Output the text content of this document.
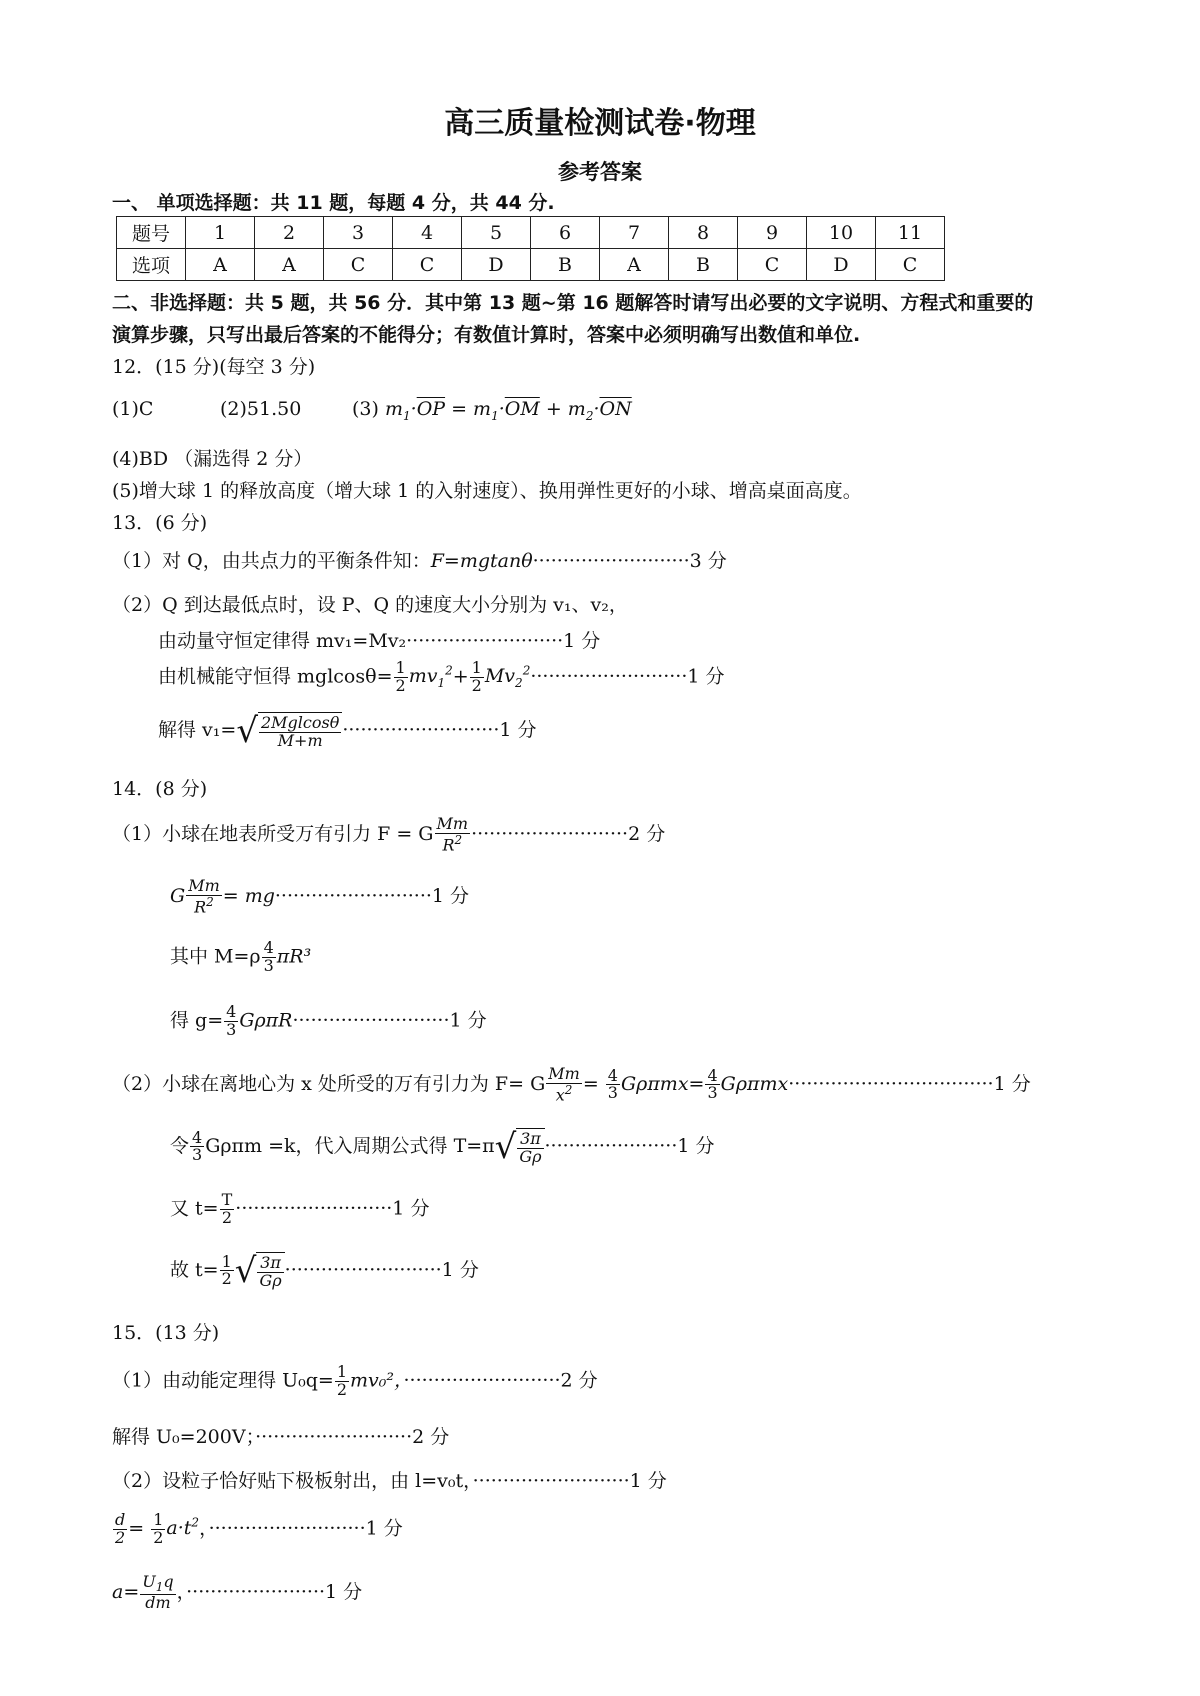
高三质量检测试卷·物理
参考答案
一、 单项选择题：共 11 题，每题 4 分，共 44 分.
题号	1	2	3	4	5	6	7	8	9	10	11
选项	A	A	C	C	D	B	A	B	C	D	C
二、非选择题：共 5 题，共 56 分．其中第 13 题~第 16 题解答时请写出必要的文字说明、方程式和重要的
演算步骤，只写出最后答案的不能得分；有数值计算时，答案中必须明确写出数值和单位.
12．(15 分)(每空 3 分)
(1)C	(2)51.50	(3) $m_1\cdot\overline{OP} = m_1\cdot\overline{OM} + m_2\cdot\overline{ON}$
(4)BD （漏选得 2 分）
(5)增大球 1 的释放高度（增大球 1 的入射速度）、换用弹性更好的小球、增高桌面高度。
13．(6 分)
（1）对 Q，由共点力的平衡条件知：F=mgtanθ··························3 分
（2）Q 到达最低点时，设 P、Q 的速度大小分别为 v₁、v₂，
由动量守恒定律得 mv₁=Mv₂··························1 分
由机械能守恒得 $mglcos\theta= \frac{1}{2} mv_1^2+ \frac{1}{2} Mv_2^2\cdot\cdot\cdot\cdot\cdot\cdot\cdot\cdot\cdot\cdot\cdot\cdot\cdot\cdot\cdot\cdot\cdot\cdot\cdot\cdot\cdot\cdot\cdot\cdot\cdot\cdot 1$ 分
解得 $v_1=√ \frac{\text{2Mglcosθ}}{M+m} \cdot\cdot\cdot\cdot\cdot\cdot\cdot\cdot\cdot\cdot\cdot\cdot\cdot\cdot\cdot\cdot\cdot\cdot\cdot\cdot\cdot\cdot\cdot\cdot\cdot\cdot 1$ 分
14．(8 分)
（1）小球在地表所受万有引力 F = G $\frac{Mm}{R^2} \cdot\cdot\cdot\cdot\cdot\cdot\cdot\cdot\cdot\cdot\cdot\cdot\cdot\cdot\cdot\cdot\cdot\cdot\cdot\cdot\cdot\cdot\cdot\cdot\cdot\cdot 2$ 分
G $\frac{Mm}{R^2} = mg\cdot\cdot\cdot\cdot\cdot\cdot\cdot\cdot\cdot\cdot\cdot\cdot\cdot\cdot\cdot\cdot\cdot\cdot\cdot\cdot\cdot\cdot\cdot\cdot\cdot\cdot 1$ 分
其中 $M=\rho \frac{4}{3} \pi R^3$
得 $g= \frac{4}{3} G\rho\pi R\cdot\cdot\cdot\cdot\cdot\cdot\cdot\cdot\cdot\cdot\cdot\cdot\cdot\cdot\cdot\cdot\cdot\cdot\cdot\cdot\cdot\cdot\cdot\cdot\cdot\cdot 1$ 分
（2）小球在离地心为 x 处所受的万有引力为 F= G $\frac{Mm}{x^2} = \frac{4}{3} G\rho\pi mx= \frac{4}{3} G\rho\pi mx\cdot\cdot\cdot\cdot\cdot\cdot\cdot\cdot\cdot\cdot\cdot\cdot\cdot\cdot\cdot\cdot\cdot\cdot\cdot\cdot\cdot\cdot\cdot\cdot\cdot\cdot\cdot\cdot\cdot\cdot\cdot\cdot\cdot\cdot 1$ 分
令 $\frac{4}{3}$ Gρπm =k，代入周期公式得 $T=\pi√ \frac{3\pi}{G\rho} \cdot\cdot\cdot\cdot\cdot\cdot\cdot\cdot\cdot\cdot\cdot\cdot\cdot\cdot\cdot\cdot\cdot\cdot\cdot\cdot\cdot\cdot 1$ 分
又 $t= \frac{T}{2} \cdot\cdot\cdot\cdot\cdot\cdot\cdot\cdot\cdot\cdot\cdot\cdot\cdot\cdot\cdot\cdot\cdot\cdot\cdot\cdot\cdot\cdot\cdot\cdot\cdot\cdot 1$ 分
故 $t= \frac{1}{2}$ √ $\frac{3\pi}{G\rho} \cdot\cdot\cdot\cdot\cdot\cdot\cdot\cdot\cdot\cdot\cdot\cdot\cdot\cdot\cdot\cdot\cdot\cdot\cdot\cdot\cdot\cdot\cdot\cdot\cdot\cdot 1$ 分
15．(13 分)
（1）由动能定理得 $U_0q= \frac{1}{2} mv_0^2$，··························2 分
解得 U₀=200V；··························2 分
（2）设粒子恰好贴下极板射出，由 l=v₀t，··························1 分
$\frac{d}{2} = \frac{1}{2} a\cdot t^2$，··························1 分
$a= \frac{U_1q}{dm}$ ，·······················1 分
